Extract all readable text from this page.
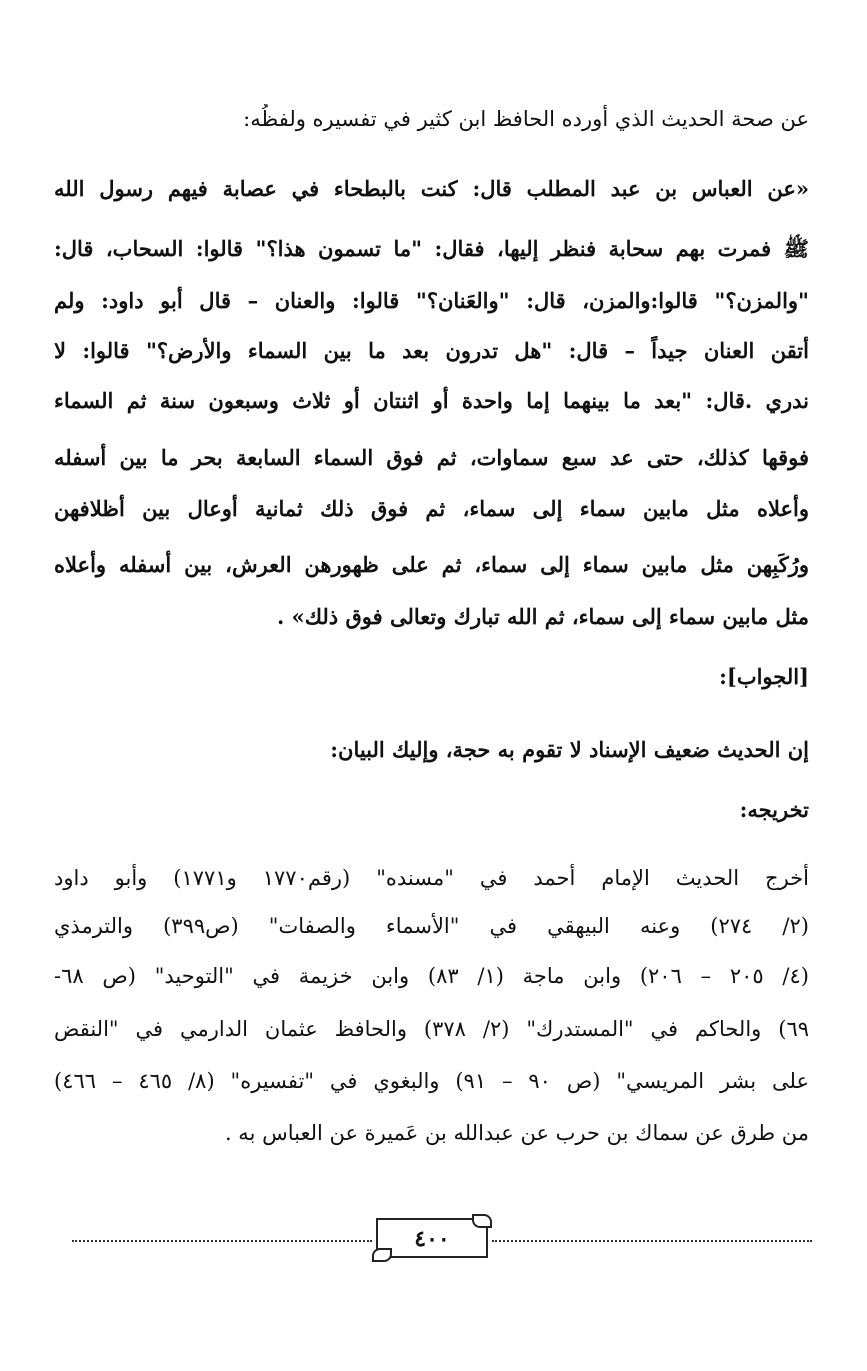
عن صحة الحديث الذي أورده الحافظ ابن كثير في تفسيره ولفظُه:
«عن العباس بن عبد المطلب قال: كنت بالبطحاء في عصابة فيهم رسول الله
ﷺ فمرت بهم سحابة فنظر إليها، فقال: "ما تسمون هذا؟" قالوا: السحاب، قال:
"والمزن؟" قالوا:والمزن، قال: "والعَنان؟" قالوا: والعنان – قال أبو داود: ولم
أتقن العنان جيداً – قال: "هل تدرون بعد ما بين السماء والأرض؟" قالوا: لا
ندري .قال: "بعد ما بينهما إما واحدة أو اثنتان أو ثلاث وسبعون سنة ثم السماء
فوقها كذلك، حتى عد سبع سماوات، ثم فوق السماء السابعة بحر ما بين أسفله
وأعلاه مثل مابين سماء إلى سماء، ثم فوق ذلك ثمانية أوعال بين أظلافهن
ورُكَبِهن مثل مابين سماء إلى سماء، ثم على ظهورهن العرش، بين أسفله وأعلاه
مثل مابين سماء إلى سماء، ثم الله تبارك وتعالى فوق ذلك» .
[الجواب]:
إن الحديث ضعيف الإسناد لا تقوم به حجة، وإليك البيان:
تخريجه:
أخرج الحديث الإمام أحمد في "مسنده" (رقم١٧٧٠ و١٧٧١) وأبو داود
(٢/ ٢٧٤) وعنه البيهقي في "الأسماء والصفات" (ص٣٩٩) والترمذي
(٤/ ٢٠٥ – ٢٠٦) وابن ماجة (١/ ٨٣) وابن خزيمة في "التوحيد" (ص ٦٨-
٦٩) والحاكم في "المستدرك" (٢/ ٣٧٨) والحافظ عثمان الدارمي في "النقض
على بشر المريسي" (ص ٩٠ – ٩١) والبغوي في "تفسيره" (٨/ ٤٦٥ – ٤٦٦)
من طرق عن سماك بن حرب عن عبدالله بن عَميرة عن العباس به .
٤٠٠
